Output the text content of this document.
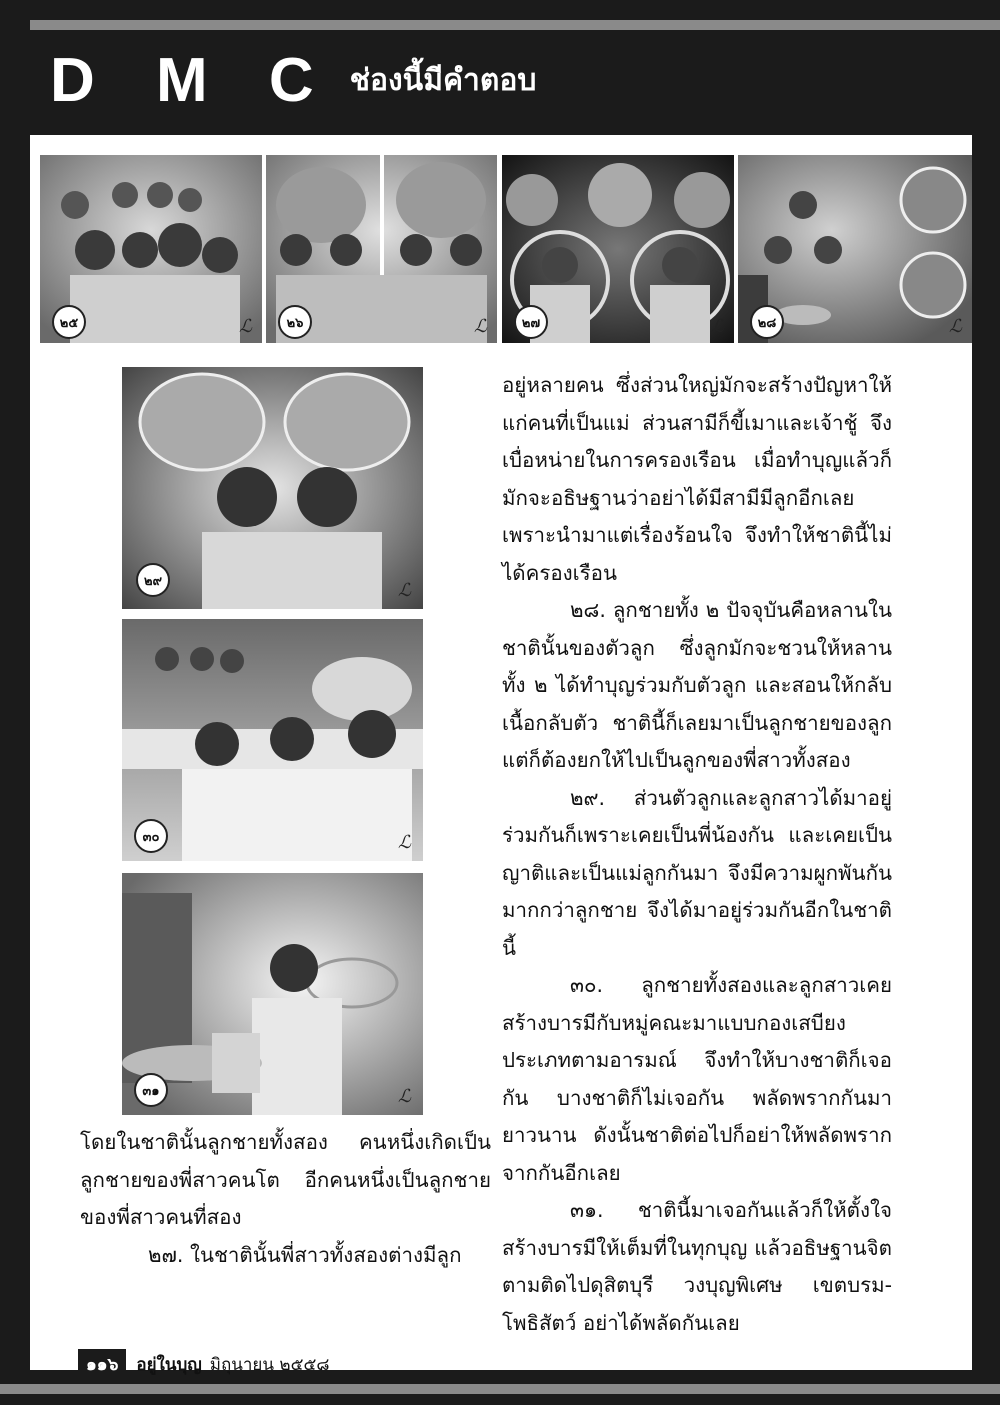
D M C ช่องนี้มีคำตอบ
๒๕	ℒ	๒๖	ℒ	๒๗	ℒ	๒๘	ℒ
๒๙	ℒ
๓๐	ℒ
๓๑	ℒ

โดยในชาตินั้นลูกชายทั้งสอง คนหนึ่งเกิดเป็นลูกชายของพี่สาวคนโต อีกคนหนึ่งเป็นลูกชายของพี่สาวคนที่สอง

๒๗. ในชาตินั้นพี่สาวทั้งสองต่างมีลูก

อยู่หลายคน ซึ่งส่วนใหญ่มักจะสร้างปัญหาให้แก่คนที่เป็นแม่ ส่วนสามีก็ขี้เมาและเจ้าชู้ จึงเบื่อหน่ายในการครองเรือน เมื่อทำบุญแล้วก็มักจะอธิษฐานว่าอย่าได้มีสามีมีลูกอีกเลย เพราะนำมาแต่เรื่องร้อนใจ จึงทำให้ชาตินี้ไม่ได้ครองเรือน

๒๘. ลูกชายทั้ง ๒ ปัจจุบันคือหลานในชาตินั้นของตัวลูก ซึ่งลูกมักจะชวนให้หลานทั้ง ๒ ได้ทำบุญร่วมกับตัวลูก และสอนให้กลับเนื้อกลับตัว ชาตินี้ก็เลยมาเป็นลูกชายของลูก แต่ก็ต้องยกให้ไปเป็นลูกของพี่สาวทั้งสอง

๒๙. ส่วนตัวลูกและลูกสาวได้มาอยู่ร่วมกันก็เพราะเคยเป็นพี่น้องกัน และเคยเป็นญาติและเป็นแม่ลูกกันมา จึงมีความผูกพันกันมากกว่าลูกชาย จึงได้มาอยู่ร่วมกันอีกในชาตินี้

๓๐. ลูกชายทั้งสองและลูกสาวเคยสร้างบารมีกับหมู่คณะมาแบบกองเสบียงประเภทตามอารมณ์ จึงทำให้บางชาติก็เจอกัน บางชาติก็ไม่เจอกัน พลัดพรากกันมายาวนาน ดังนั้นชาติต่อไปก็อย่าให้พลัดพรากจากกันอีกเลย

๓๑. ชาตินี้มาเจอกันแล้วก็ให้ตั้งใจสร้างบารมีให้เต็มที่ในทุกบุญ แล้วอธิษฐานจิตตามติดไปดุสิตบุรี วงบุญพิเศษ เขตบรม-โพธิสัตว์ อย่าได้พลัดกันเลย

๑๑๖	อยู่ในบุญ มิถุนายน ๒๕๕๘
